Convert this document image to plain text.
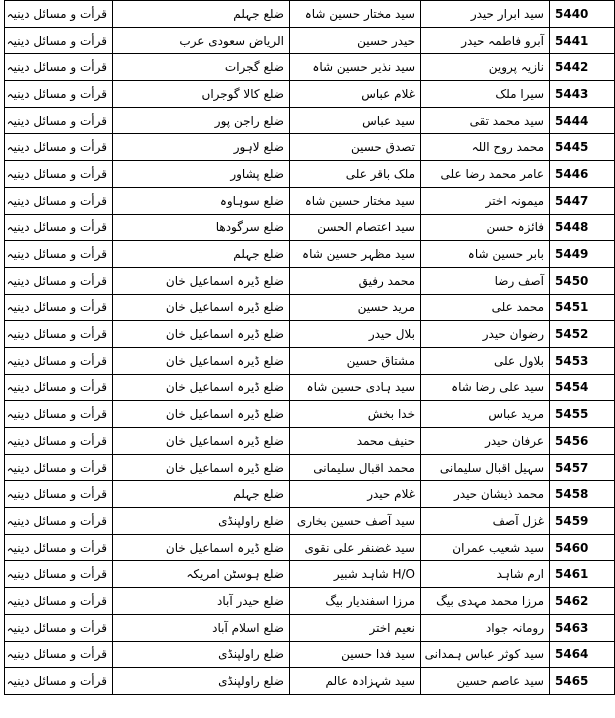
5440	سید ابرار حیدر	سید مختار حسین شاہ	ضلع جہلم	قرأت و مسائل دینیہ
5441	آبرو فاطمہ حیدر	حیدر حسین	الریاض سعودی عرب	قرأت و مسائل دینیہ
5442	نازیہ پروین	سید نذیر حسین شاہ	ضلع گجرات	قرأت و مسائل دینیہ
5443	سیرا ملک	غلام عباس	ضلع کالا گوجراں	قرأت و مسائل دینیہ
5444	سید محمد تقی	سید عباس	ضلع راجن پور	قرأت و مسائل دینیہ
5445	محمد روح اللہ	تصدق حسین	ضلع لاہور	قرأت و مسائل دینیہ
5446	عامر محمد رضا علی	ملک باقر علی	ضلع پشاور	قرأت و مسائل دینیہ
5447	میمونہ اختر	سید مختار حسین شاہ	ضلع سوہاوہ	قرأت و مسائل دینیہ
5448	فائزہ حسن	سید اعتصام الحسن	ضلع سرگودھا	قرأت و مسائل دینیہ
5449	بابر حسین شاہ	سید مظہر حسین شاہ	ضلع جہلم	قرأت و مسائل دینیہ
5450	آصف رضا	محمد رفیق	ضلع ڈیرہ اسماعیل خان	قرأت و مسائل دینیہ
5451	محمد علی	مرید حسین	ضلع ڈیرہ اسماعیل خان	قرأت و مسائل دینیہ
5452	رضوان حیدر	بلال حیدر	ضلع ڈیرہ اسماعیل خان	قرأت و مسائل دینیہ
5453	بلاول علی	مشتاق حسین	ضلع ڈیرہ اسماعیل خان	قرأت و مسائل دینیہ
5454	سید علی رضا شاہ	سید ہادی حسین شاہ	ضلع ڈیرہ اسماعیل خان	قرأت و مسائل دینیہ
5455	مرید عباس	خدا بخش	ضلع ڈیرہ اسماعیل خان	قرأت و مسائل دینیہ
5456	عرفان حیدر	حنیف محمد	ضلع ڈیرہ اسماعیل خان	قرأت و مسائل دینیہ
5457	سہیل اقبال سلیمانی	محمد اقبال سلیمانی	ضلع ڈیرہ اسماعیل خان	قرأت و مسائل دینیہ
5458	محمد ذیشان حیدر	غلام حیدر	ضلع جہلم	قرأت و مسائل دینیہ
5459	غزل آصف	سید آصف حسین بخاری	ضلع راولپنڈی	قرأت و مسائل دینیہ
5460	سید شعیب عمران	سید غضنفر علی نقوی	ضلع ڈیرہ اسماعیل خان	قرأت و مسائل دینیہ
5461	ارم شاہد	H/O شاہد شبیر	ضلع ہوسٹن امریکہ	قرأت و مسائل دینیہ
5462	مرزا محمد مہدی بیگ	مرزا اسفندیار بیگ	ضلع حیدر آباد	قرأت و مسائل دینیہ
5463	رومانہ جواد	نعیم اختر	ضلع اسلام آباد	قرأت و مسائل دینیہ
5464	سید کوثر عباس ہمدانی	سید فدا حسین	ضلع راولپنڈی	قرأت و مسائل دینیہ
5465	سید عاصم حسین	سید شہزادہ عالم	ضلع راولپنڈی	قرأت و مسائل دینیہ
